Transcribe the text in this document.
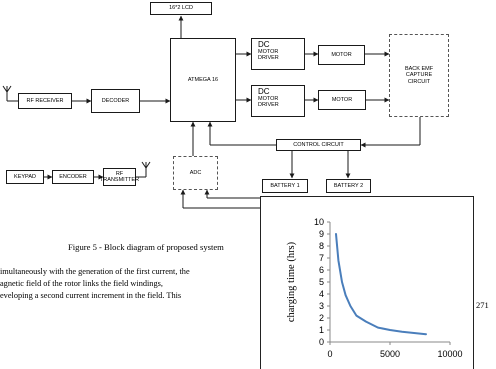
16*2 LCD
ATMEGA 16
DC
MOTOR
DRIVER
DC
MOTOR
DRIVER
MOTOR
MOTOR
BACK EMF
CAPTURE
CIRCUIT
RF RECEIVER	DECODER
CONTROL CIRCUIT
ADC
KEYPAD	ENCODER
RF
TRANSMITTER
BATTERY 1	BATTERY 2
Figure 5 - Block diagram of proposed system
imultaneously with the generation of the first current, the
agnetic field of the rotor links the field windings,
eveloping a second current increment in the field. This
0
1
2
3
4
5
6
7
8
9
10
0	5000	10000
charging time (hrs)	271
